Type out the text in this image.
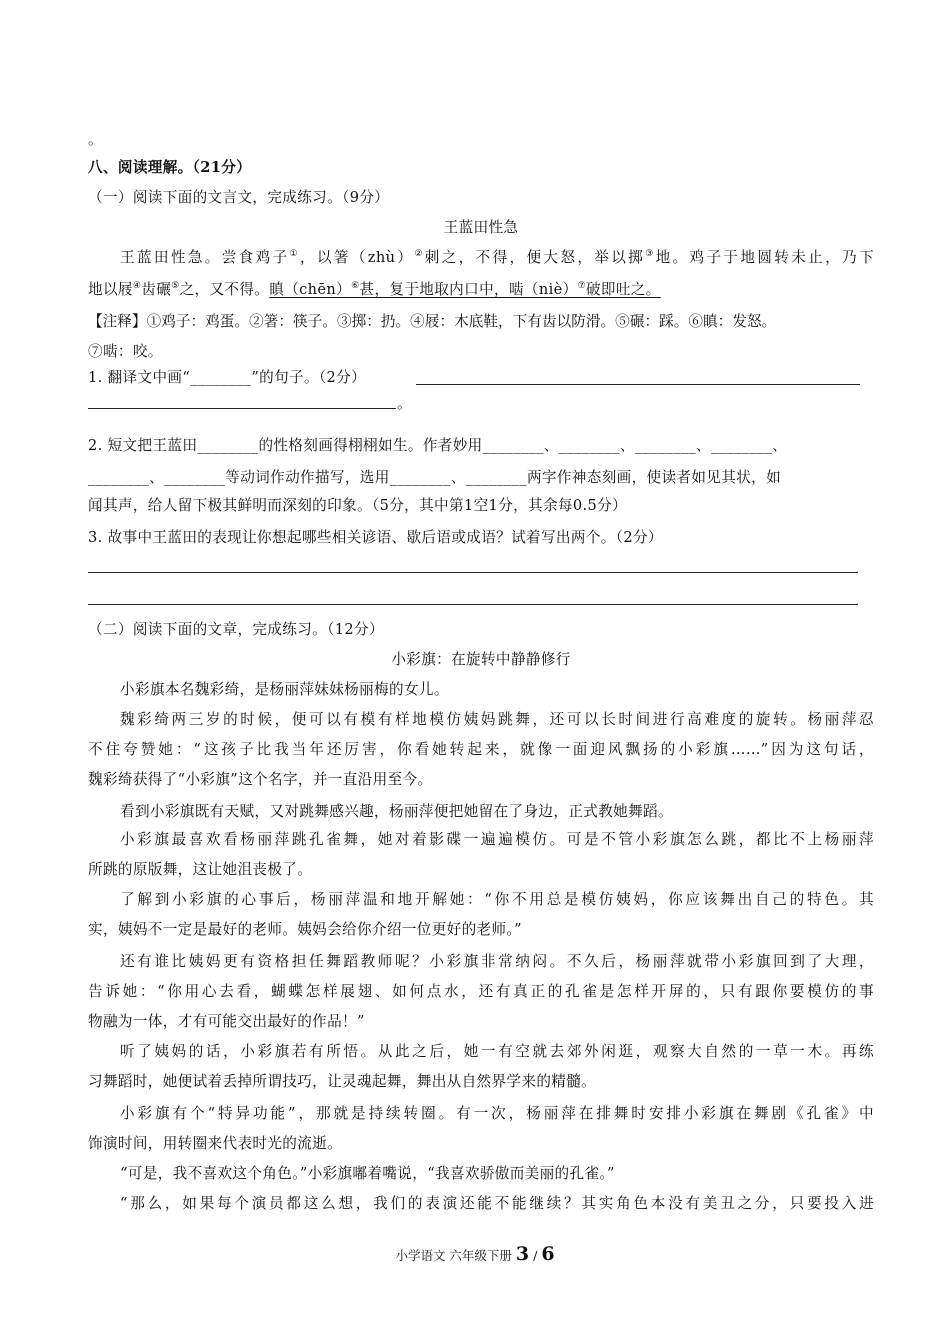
。
八、阅读理解。（21分）
（一）阅读下面的文言文，完成练习。（9分）
王蓝田性急
王蓝田性急。尝食鸡子①，以箸（zhù）②刺之，不得，便大怒，举以掷③地。鸡子于地圆转未止，乃下
地以屐④齿碾⑤之，又不得。瞋（chēn）⑥甚，复于地取内口中，啮（niè）⑦破即吐之。
【注释】①鸡子：鸡蛋。②箸：筷子。③掷：扔。④屐：木底鞋，下有齿以防滑。⑤碾：踩。⑥瞋：发怒。
⑦啮：咬。
1. 翻译文中画“________”的句子。（2分）
。
2. 短文把王蓝田________的性格刻画得栩栩如生。作者妙用________、________、________、________、
________、________等动词作动作描写，选用________、________两字作神态刻画，使读者如见其状，如
闻其声，给人留下极其鲜明而深刻的印象。（5分，其中第1空1分，其余每0.5分）
3. 故事中王蓝田的表现让你想起哪些相关谚语、歇后语或成语？试着写出两个。（2分）
（二）阅读下面的文章，完成练习。（12分）
小彩旗：在旋转中静静修行
小彩旗本名魏彩绮，是杨丽萍妹妹杨丽梅的女儿。
魏彩绮两三岁的时候，便可以有模有样地模仿姨妈跳舞，还可以长时间进行高难度的旋转。杨丽萍忍
不住夸赞她：“这孩子比我当年还厉害，你看她转起来，就像一面迎风飘扬的小彩旗……”因为这句话，
魏彩绮获得了“小彩旗”这个名字，并一直沿用至今。
看到小彩旗既有天赋，又对跳舞感兴趣，杨丽萍便把她留在了身边，正式教她舞蹈。
小彩旗最喜欢看杨丽萍跳孔雀舞，她对着影碟一遍遍模仿。可是不管小彩旗怎么跳，都比不上杨丽萍
所跳的原版舞，这让她沮丧极了。
了解到小彩旗的心事后，杨丽萍温和地开解她：“你不用总是模仿姨妈，你应该舞出自己的特色。其
实，姨妈不一定是最好的老师。姨妈会给你介绍一位更好的老师。”
还有谁比姨妈更有资格担任舞蹈教师呢？小彩旗非常纳闷。不久后，杨丽萍就带小彩旗回到了大理，
告诉她：“你用心去看，蝴蝶怎样展翅、如何点水，还有真正的孔雀是怎样开屏的，只有跟你要模仿的事
物融为一体，才有可能交出最好的作品！”
听了姨妈的话，小彩旗若有所悟。从此之后，她一有空就去郊外闲逛，观察大自然的一草一木。再练
习舞蹈时，她便试着丢掉所谓技巧，让灵魂起舞，舞出从自然界学来的精髓。
小彩旗有个“特异功能”，那就是持续转圈。有一次，杨丽萍在排舞时安排小彩旗在舞剧《孔雀》中
饰演时间，用转圈来代表时光的流逝。
“可是，我不喜欢这个角色。”小彩旗嘟着嘴说，“我喜欢骄傲而美丽的孔雀。”
“那么，如果每个演员都这么想，我们的表演还能不能继续？其实角色本没有美丑之分，只要投入进
小学语文 六年级下册 3 / 6
